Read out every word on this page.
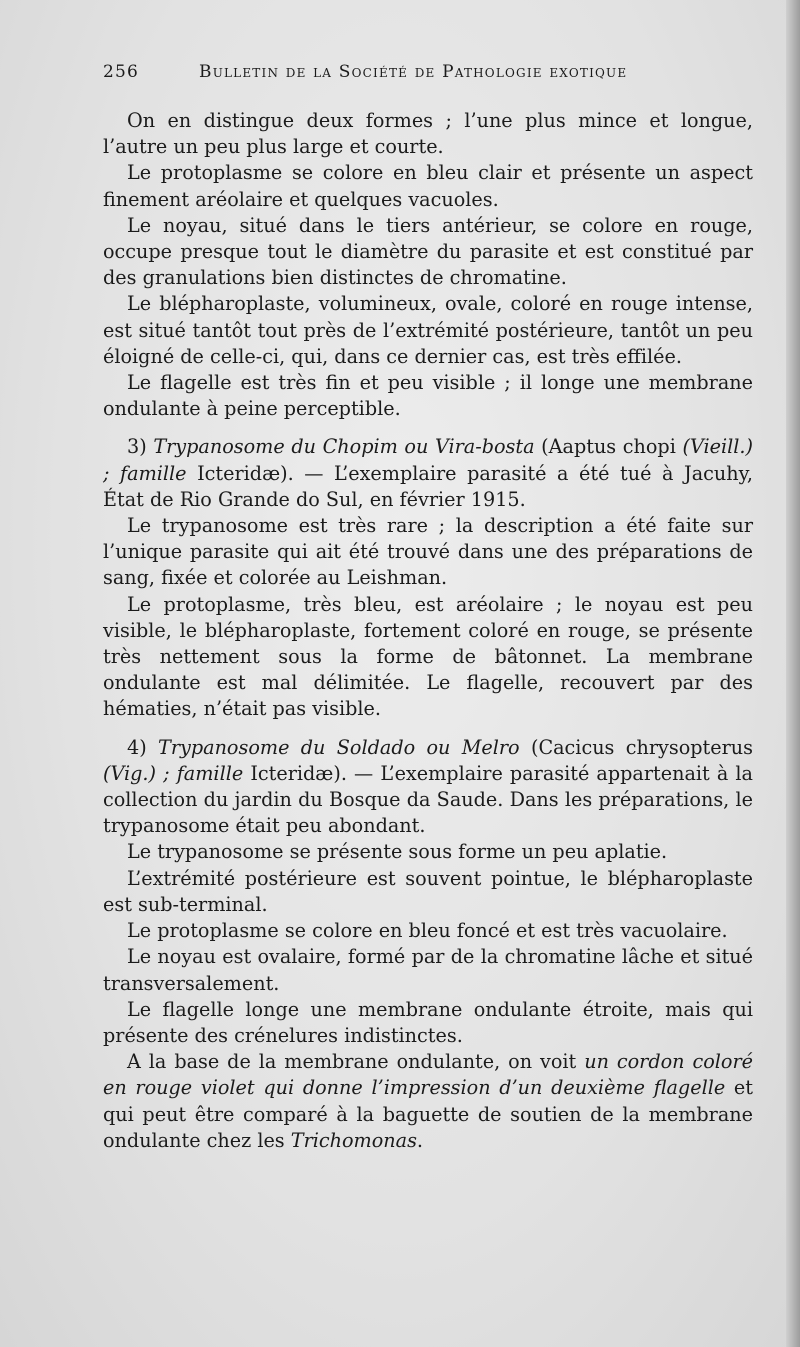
256	Bulletin de la Société de Pathologie exotique

On en distingue deux formes ; l’une plus mince et longue, l’autre un peu plus large et courte.

Le protoplasme se colore en bleu clair et présente un aspect finement aréolaire et quelques vacuoles.

Le noyau, situé dans le tiers antérieur, se colore en rouge, occupe presque tout le diamètre du parasite et est constitué par des granulations bien distinctes de chromatine.

Le blépharoplaste, volumineux, ovale, coloré en rouge intense, est situé tantôt tout près de l’extrémité postérieure, tantôt un peu éloigné de celle-ci, qui, dans ce dernier cas, est très effilée.

Le flagelle est très fin et peu visible ; il longe une membrane ondulante à peine perceptible.

3) Trypanosome du Chopim ou Vira-bosta (Aaptus chopi (Vieill.) ; famille Icteridæ). — L’exemplaire parasité a été tué à Jacuhy, État de Rio Grande do Sul, en février 1915.

Le trypanosome est très rare ; la description a été faite sur l’unique parasite qui ait été trouvé dans une des préparations de sang, fixée et colorée au Leishman.

Le protoplasme, très bleu, est aréolaire ; le noyau est peu visible, le blépharoplaste, fortement coloré en rouge, se présente très nettement sous la forme de bâtonnet. La membrane ondulante est mal délimitée. Le flagelle, recouvert par des hématies, n’était pas visible.

4) Trypanosome du Soldado ou Melro (Cacicus chrysopterus (Vig.) ; famille Icteridæ). — L’exemplaire parasité appartenait à la collection du jardin du Bosque da Saude. Dans les préparations, le trypanosome était peu abondant.

Le trypanosome se présente sous forme un peu aplatie.

L’extrémité postérieure est souvent pointue, le blépharoplaste est sub-terminal.

Le protoplasme se colore en bleu foncé et est très vacuolaire.

Le noyau est ovalaire, formé par de la chromatine lâche et situé transversalement.

Le flagelle longe une membrane ondulante étroite, mais qui présente des crénelures indistinctes.

A la base de la membrane ondulante, on voit un cordon coloré en rouge violet qui donne l’impression d’un deuxième flagelle et qui peut être comparé à la baguette de soutien de la membrane ondulante chez les Trichomonas.
